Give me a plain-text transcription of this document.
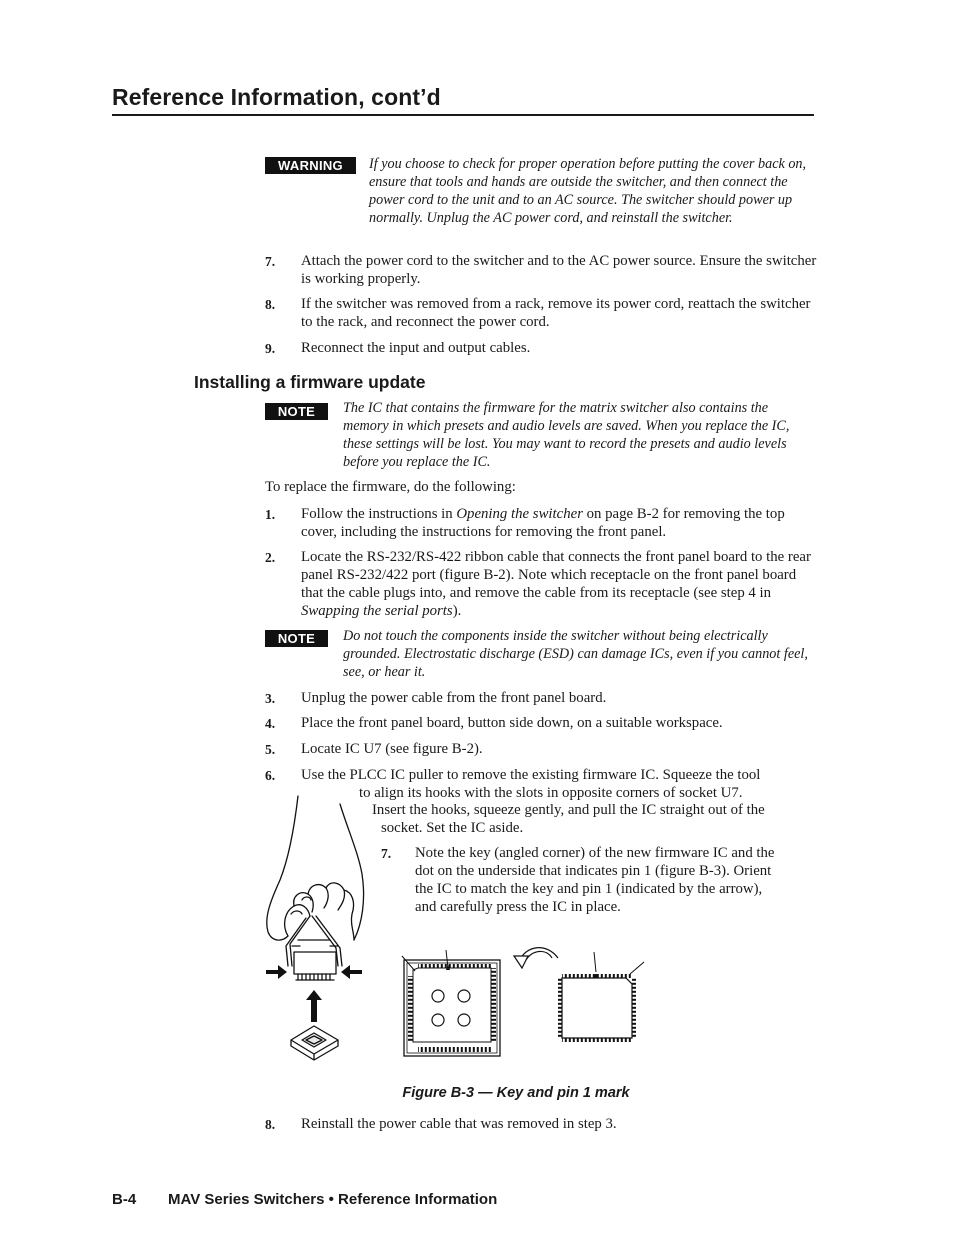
Reference Information, cont’d
WARNING	If you choose to check for proper operation before putting the cover back on, ensure that tools and hands are outside the switcher, and then connect the power cord to the unit and to an AC source. The switcher should power up normally. Unplug the AC power cord, and reinstall the switcher.
7. Attach the power cord to the switcher and to the AC power source. Ensure the switcher is working properly.
8. If the switcher was removed from a rack, remove its power cord, reattach the switcher to the rack, and reconnect the power cord.
9. Reconnect the input and output cables.
Installing a firmware update
NOTE	The IC that contains the firmware for the matrix switcher also contains the memory in which presets and audio levels are saved. When you replace the IC, these settings will be lost. You may want to record the presets and audio levels before you replace the IC.
To replace the firmware, do the following:
1. Follow the instructions in Opening the switcher on page B-2 for removing the top cover, including the instructions for removing the front panel.
2. Locate the RS-232/RS-422 ribbon cable that connects the front panel board to the rear panel RS-232/422 port (figure B-2). Note which receptacle on the front panel board that the cable plugs into, and remove the cable from its receptacle (see step 4 in Swapping the serial ports).
NOTE	Do not touch the components inside the switcher without being electrically grounded. Electrostatic discharge (ESD) can damage ICs, even if you cannot feel, see, or hear it.
3. Unplug the power cable from the front panel board.
4. Place the front panel board, button side down, on a suitable workspace.
5. Locate IC U7 (see figure B-2).
6. Use the PLCC IC puller to remove the existing firmware IC. Squeeze the tool
to align its hooks with the slots in opposite corners of socket U7.
Insert the hooks, squeeze gently, and pull the IC straight out of the
socket. Set the IC aside.
7. Note the key (angled corner) of the new firmware IC and the
dot on the underside that indicates pin 1 (figure B-3). Orient
the IC to match the key and pin 1 (indicated by the arrow),
and carefully press the IC in place.
Figure B-3 — Key and pin 1 mark
8. Reinstall the power cable that was removed in step 3.
B-4 MAV Series Switchers • Reference Information
